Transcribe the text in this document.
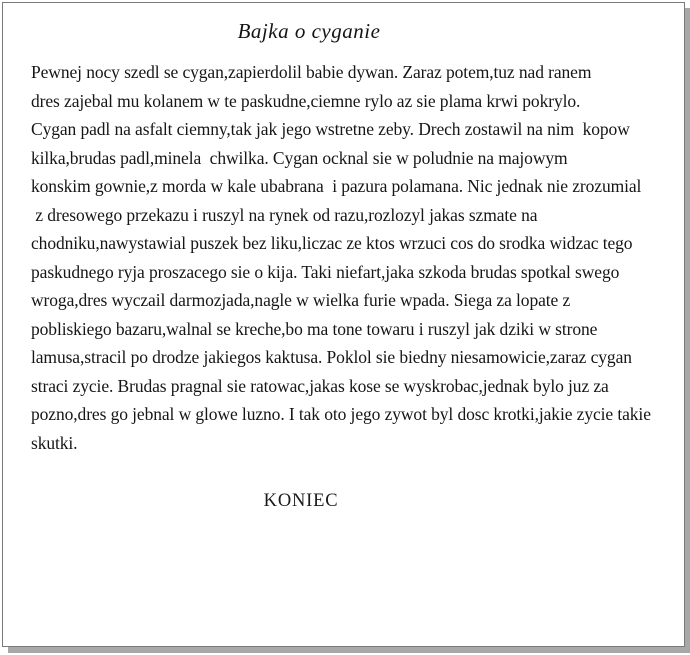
Bajka o cyganie
Pewnej nocy szedl se cygan,zapierdolil babie dywan. Zaraz potem,tuz nad ranem
dres zajebal mu kolanem w te paskudne,ciemne rylo az sie plama krwi pokrylo.
Cygan padl na asfalt ciemny,tak jak jego wstretne zeby. Drech zostawil na nim  kopow
kilka,brudas padl,minela  chwilka. Cygan ocknal sie w poludnie na majowym
konskim gownie,z morda w kale ubabrana  i pazura polamana. Nic jednak nie zrozumial
z dresowego przekazu i ruszyl na rynek od razu,rozlozyl jakas szmate na
chodniku,nawystawial puszek bez liku,liczac ze ktos wrzuci cos do srodka widzac tego
paskudnego ryja proszacego sie o kija. Taki niefart,jaka szkoda brudas spotkal swego
wroga,dres wyczail darmozjada,nagle w wielka furie wpada. Siega za lopate z
pobliskiego bazaru,walnal se kreche,bo ma tone towaru i ruszyl jak dziki w strone
lamusa,stracil po drodze jakiegos kaktusa. Poklol sie biedny niesamowicie,zaraz cygan
straci zycie. Brudas pragnal sie ratowac,jakas kose se wyskrobac,jednak bylo juz za
pozno,dres go jebnal w glowe luzno. I tak oto jego zywot byl dosc krotki,jakie zycie takie
skutki.
KONIEC
